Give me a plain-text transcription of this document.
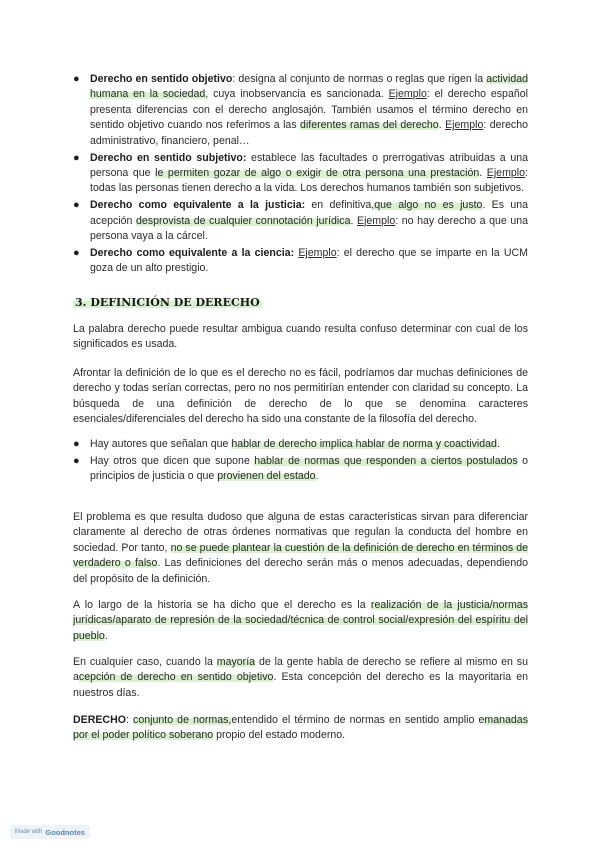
● Derecho en sentido objetivo: designa al conjunto de normas o reglas que rigen la actividad humana en la sociedad, cuya inobservancia es sancionada. Ejemplo: el derecho español presenta diferencias con el derecho anglosajón. También usamos el término derecho en sentido objetivo cuando nos referimos a las diferentes ramas del derecho. Ejemplo: derecho administrativo, financiero, penal…

● Derecho en sentido subjetivo: establece las facultades o prerrogativas atribuidas a una persona que le permiten gozar de algo o exigir de otra persona una prestación. Ejemplo: todas las personas tienen derecho a la vida. Los derechos humanos también son subjetivos.

● Derecho como equivalente a la justicia: en definitiva,que algo no es justo. Es una acepción desprovista de cualquier connotación jurídica. Ejemplo: no hay derecho a que una persona vaya a la cárcel.

● Derecho como equivalente a la ciencia: Ejemplo: el derecho que se imparte en la UCM goza de un alto prestigio.

3. DEFINICIÓN DE DERECHO

La palabra derecho puede resultar ambigua cuando resulta confuso determinar con cual de los significados es usada.

Afrontar la definición de lo que es el derecho no es fácil, podríamos dar muchas definiciones de derecho y todas serían correctas, pero no nos permitirían entender con claridad su concepto. La búsqueda de una definición de derecho de lo que se denomina caracteres esenciales/diferenciales del derecho ha sido una constante de la filosofía del derecho.

● Hay autores que señalan que hablar de derecho implica hablar de norma y coactividad.

● Hay otros que dicen que supone hablar de normas que responden a ciertos postulados o principios de justicia o que provienen del estado.

El problema es que resulta dudoso que alguna de estas características sirvan para diferenciar claramente al derecho de otras órdenes normativas que regulan la conducta del hombre en sociedad. Por tanto, no se puede plantear la cuestión de la definición de derecho en términos de verdadero o falso. Las definiciones del derecho serán más o menos adecuadas, dependiendo del propósito de la definición.

A lo largo de la historia se ha dicho que el derecho es la realización de la justicia/normas jurídicas/aparato de represión de la sociedad/técnica de control social/expresión del espíritu del pueblo.

En cualquier caso, cuando la mayoría de la gente habla de derecho se refiere al mismo en su acepción de derecho en sentido objetivo. Esta concepción del derecho es la mayoritaria en nuestros días.

DERECHO: conjunto de normas,entendido el término de normas en sentido amplio emanadas por el poder político soberano propio del estado moderno.

Made with Goodnotes
